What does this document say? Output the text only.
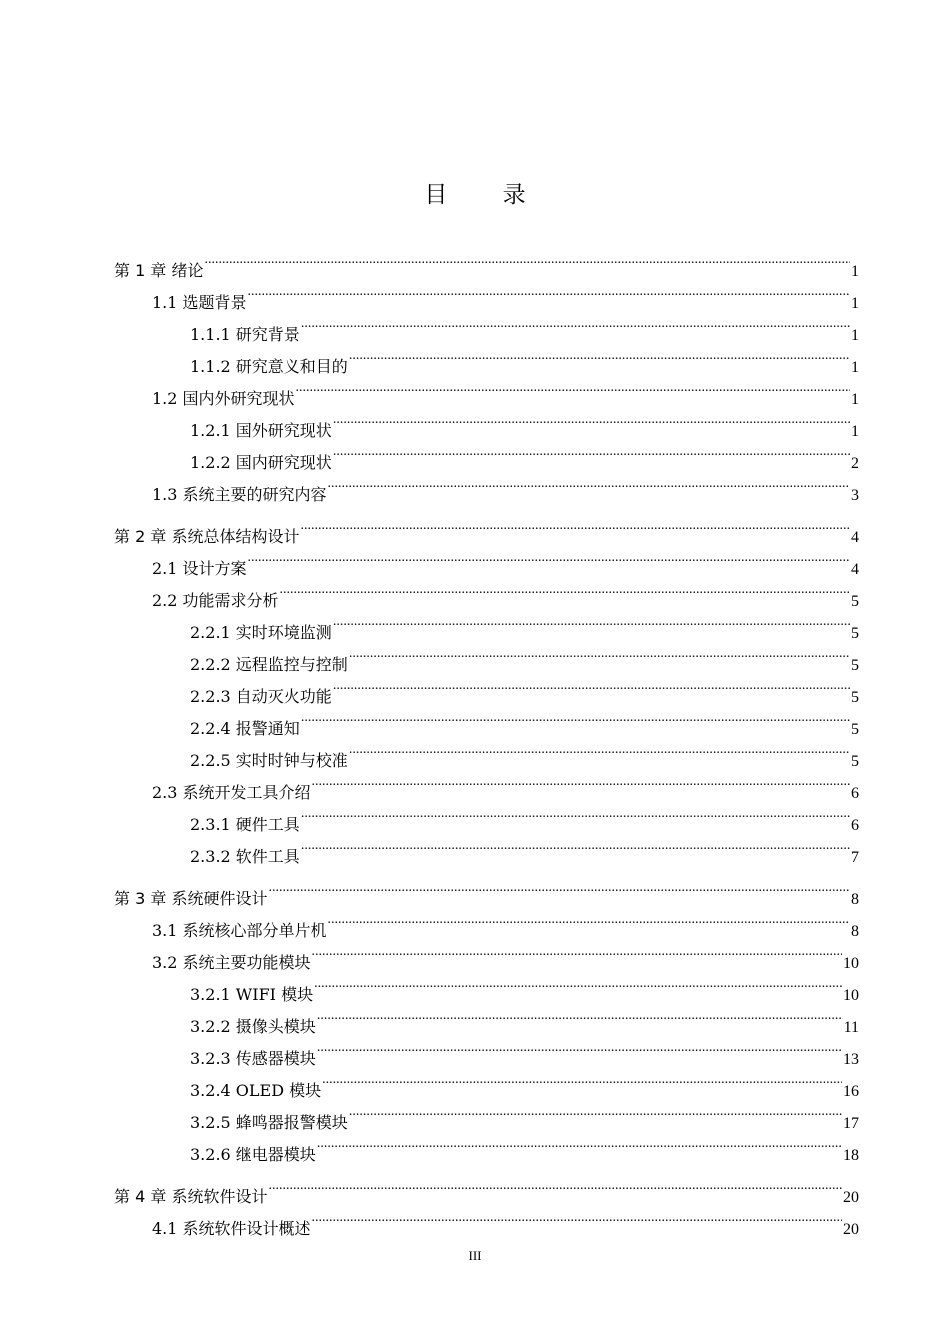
目 录
第 1 章 绪论 .....	1
1.1 选题背景 .....	1
1.1.1 研究背景 .....	1
1.1.2 研究意义和目的 .....	1
1.2 国内外研究现状 .....	1
1.2.1 国外研究现状 .....	1
1.2.2 国内研究现状 .....	2
1.3 系统主要的研究内容 .....	3
第 2 章 系统总体结构设计 .....	4
2.1 设计方案 .....	4
2.2 功能需求分析 .....	5
2.2.1 实时环境监测 .....	5
2.2.2 远程监控与控制 .....	5
2.2.3 自动灭火功能 .....	5
2.2.4 报警通知 .....	5
2.2.5 实时时钟与校准 .....	5
2.3 系统开发工具介绍 .....	6
2.3.1 硬件工具 .....	6
2.3.2 软件工具 .....	7
第 3 章 系统硬件设计 .....	8
3.1 系统核心部分单片机 .....	8
3.2 系统主要功能模块 .....	10
3.2.1 WIFI 模块 .....	10
3.2.2 摄像头模块 .....	11
3.2.3 传感器模块 .....	13
3.2.4 OLED 模块 .....	16
3.2.5 蜂鸣器报警模块 .....	17
3.2.6 继电器模块 .....	18
第 4 章 系统软件设计 .....	20
4.1 系统软件设计概述 .....	20
III
